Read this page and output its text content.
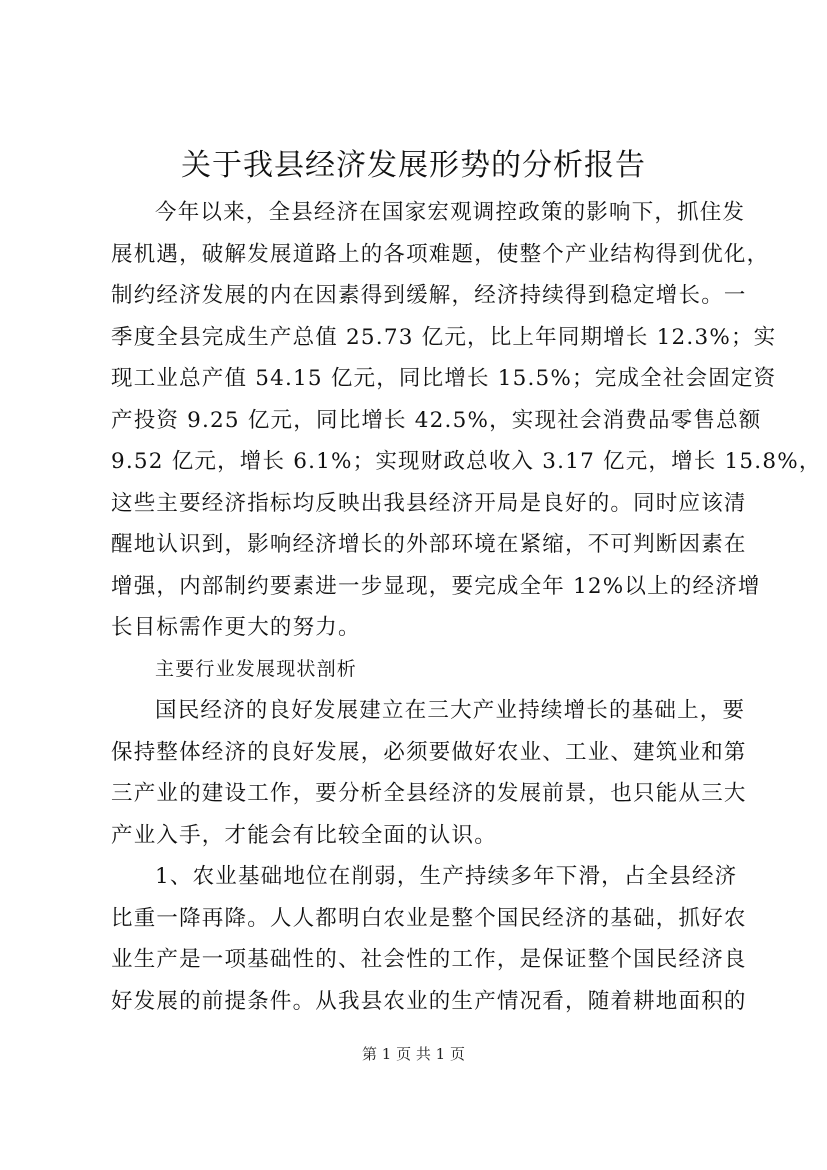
关于我县经济发展形势的分析报告
今年以来，全县经济在国家宏观调控政策的影响下，抓住发
展机遇，破解发展道路上的各项难题，使整个产业结构得到优化，
制约经济发展的内在因素得到缓解，经济持续得到稳定增长。一
季度全县完成生产总值 25.73 亿元，比上年同期增长 12.3%；实
现工业总产值 54.15 亿元，同比增长 15.5%；完成全社会固定资
产投资 9.25 亿元，同比增长 42.5%，实现社会消费品零售总额
9.52 亿元，增长 6.1%；实现财政总收入 3.17 亿元，增长 15.8%，
这些主要经济指标均反映出我县经济开局是良好的。同时应该清
醒地认识到，影响经济增长的外部环境在紧缩，不可判断因素在
增强，内部制约要素进一步显现，要完成全年 12%以上的经济增
长目标需作更大的努力。
主要行业发展现状剖析
国民经济的良好发展建立在三大产业持续增长的基础上，要
保持整体经济的良好发展，必须要做好农业、工业、建筑业和第
三产业的建设工作，要分析全县经济的发展前景，也只能从三大
产业入手，才能会有比较全面的认识。
1、农业基础地位在削弱，生产持续多年下滑，占全县经济
比重一降再降。人人都明白农业是整个国民经济的基础，抓好农
业生产是一项基础性的、社会性的工作，是保证整个国民经济良
好发展的前提条件。从我县农业的生产情况看，随着耕地面积的
第 1 页 共 1 页
